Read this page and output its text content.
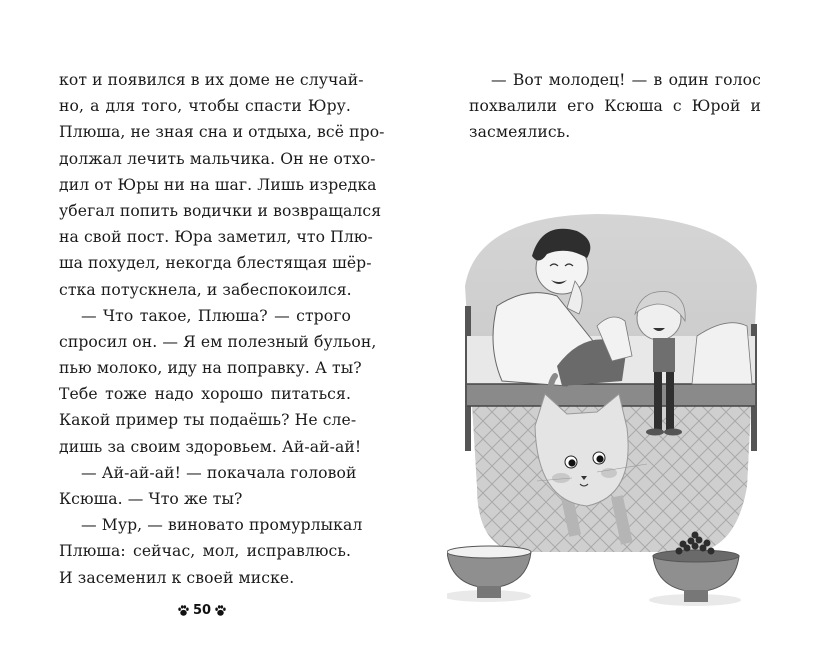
кот и появился в их доме не случай-
но, а для того, чтобы спасти Юру.
Плюша, не зная сна и отдыха, всё про-
должал лечить мальчика. Он не отхо-
дил от Юры ни на шаг. Лишь изредка
убегал попить водички и возвращался
на свой пост. Юра заметил, что Плю-
ша похудел, некогда блестящая шёр-
стка потускнела, и забеспокоился.
— Что такое, Плюша? — строго
спросил он. — Я ем полезный бульон,
пью молоко, иду на поправку. А ты?
Тебе тоже надо хорошо питаться.
Какой пример ты подаёшь? Не сле-
дишь за своим здоровьем. Ай-ай-ай!
— Ай-ай-ай! — покачала головой
Ксюша. — Что же ты?
— Мур, — виновато промурлыкал
Плюша: сейчас, мол, исправлюсь.
И засеменил к своей миске.
50
— Вот молодец! — в один голос
похвалили его Ксюша с Юрой и
засмеялись.
